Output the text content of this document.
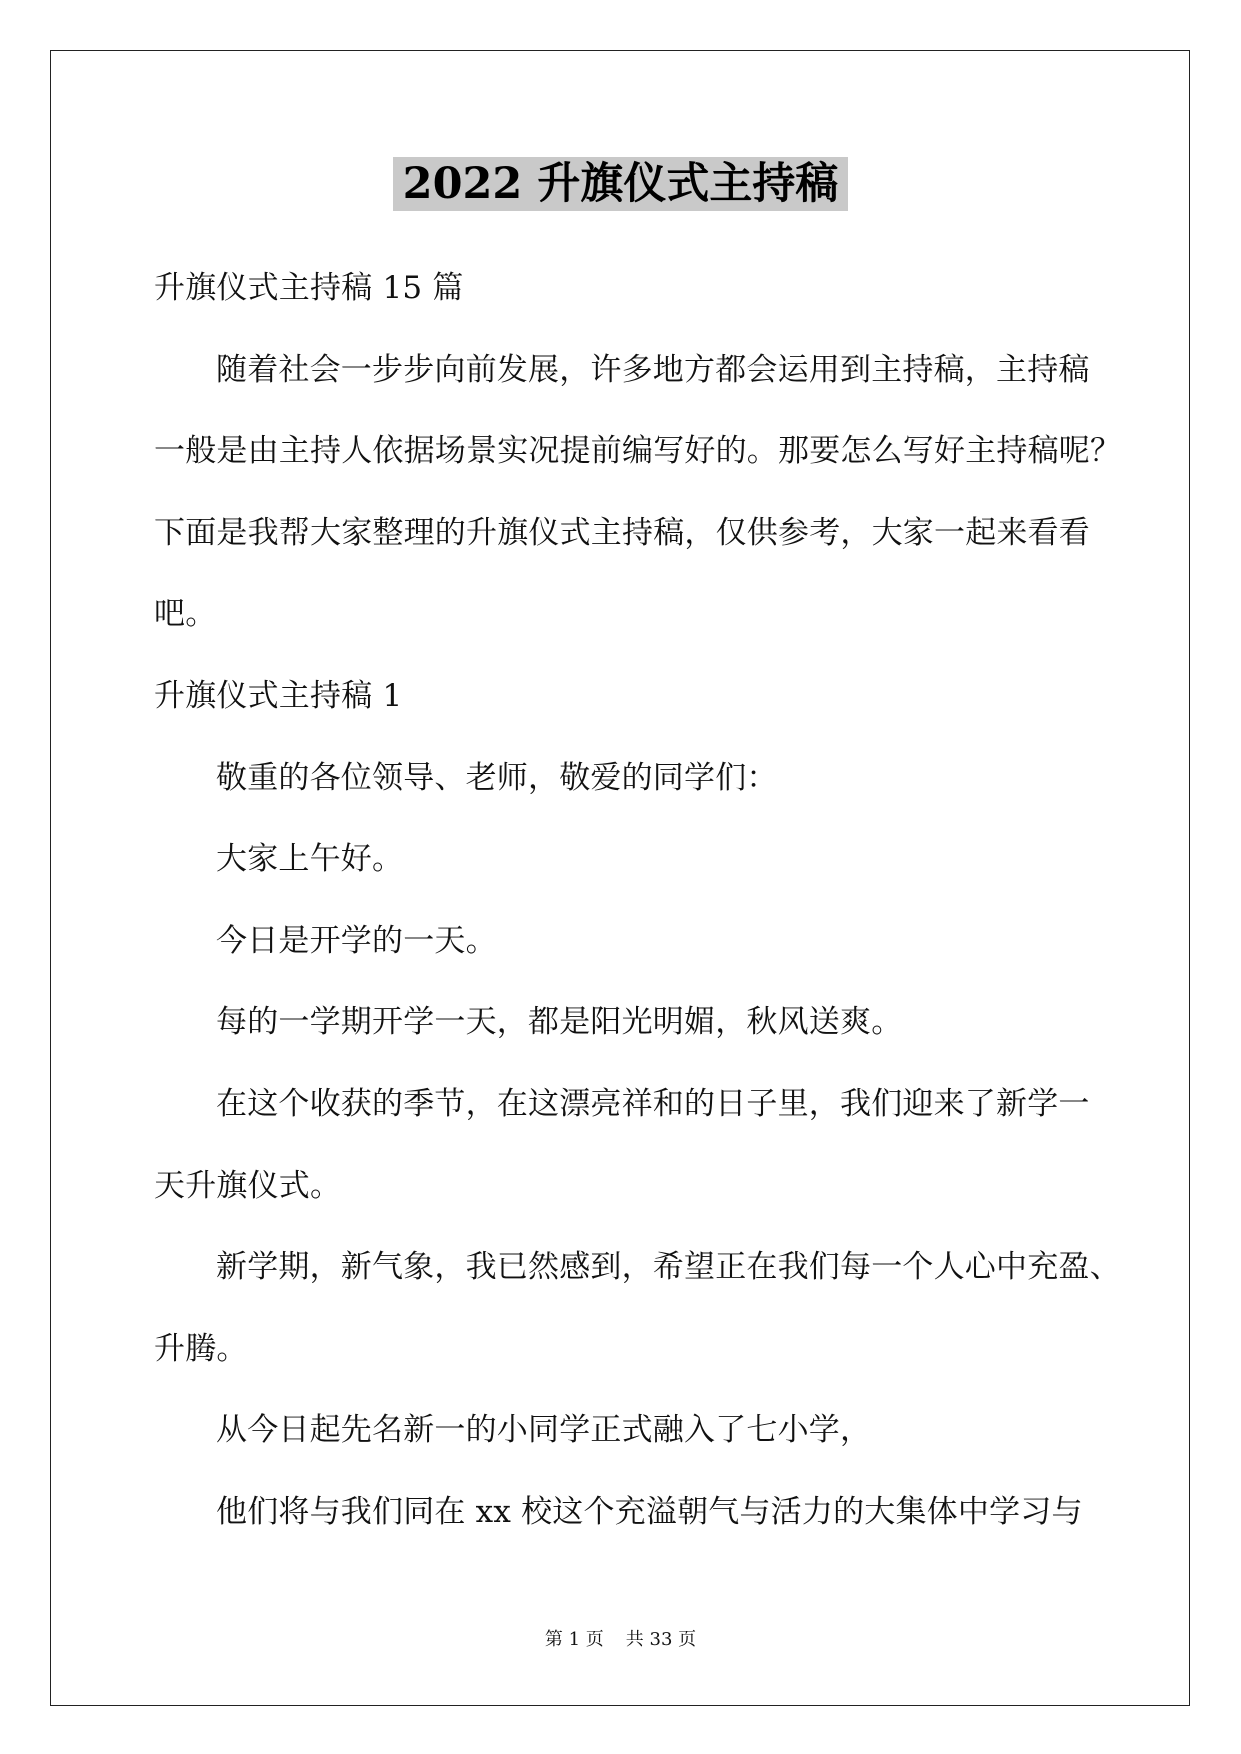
2022 升旗仪式主持稿
升旗仪式主持稿 15 篇
随着社会一步步向前发展，许多地方都会运用到主持稿，主持稿
一般是由主持人依据场景实况提前编写好的。那要怎么写好主持稿呢？
下面是我帮大家整理的升旗仪式主持稿，仅供参考，大家一起来看看
吧。
升旗仪式主持稿 1
敬重的各位领导、老师，敬爱的同学们：
大家上午好。
今日是开学的一天。
每的一学期开学一天，都是阳光明媚，秋风送爽。
在这个收获的季节，在这漂亮祥和的日子里，我们迎来了新学一
天升旗仪式。
新学期，新气象，我已然感到，希望正在我们每一个人心中充盈、
升腾。
从今日起先名新一的小同学正式融入了七小学，
他们将与我们同在 xx 校这个充溢朝气与活力的大集体中学习与
第 1 页 共 33 页
